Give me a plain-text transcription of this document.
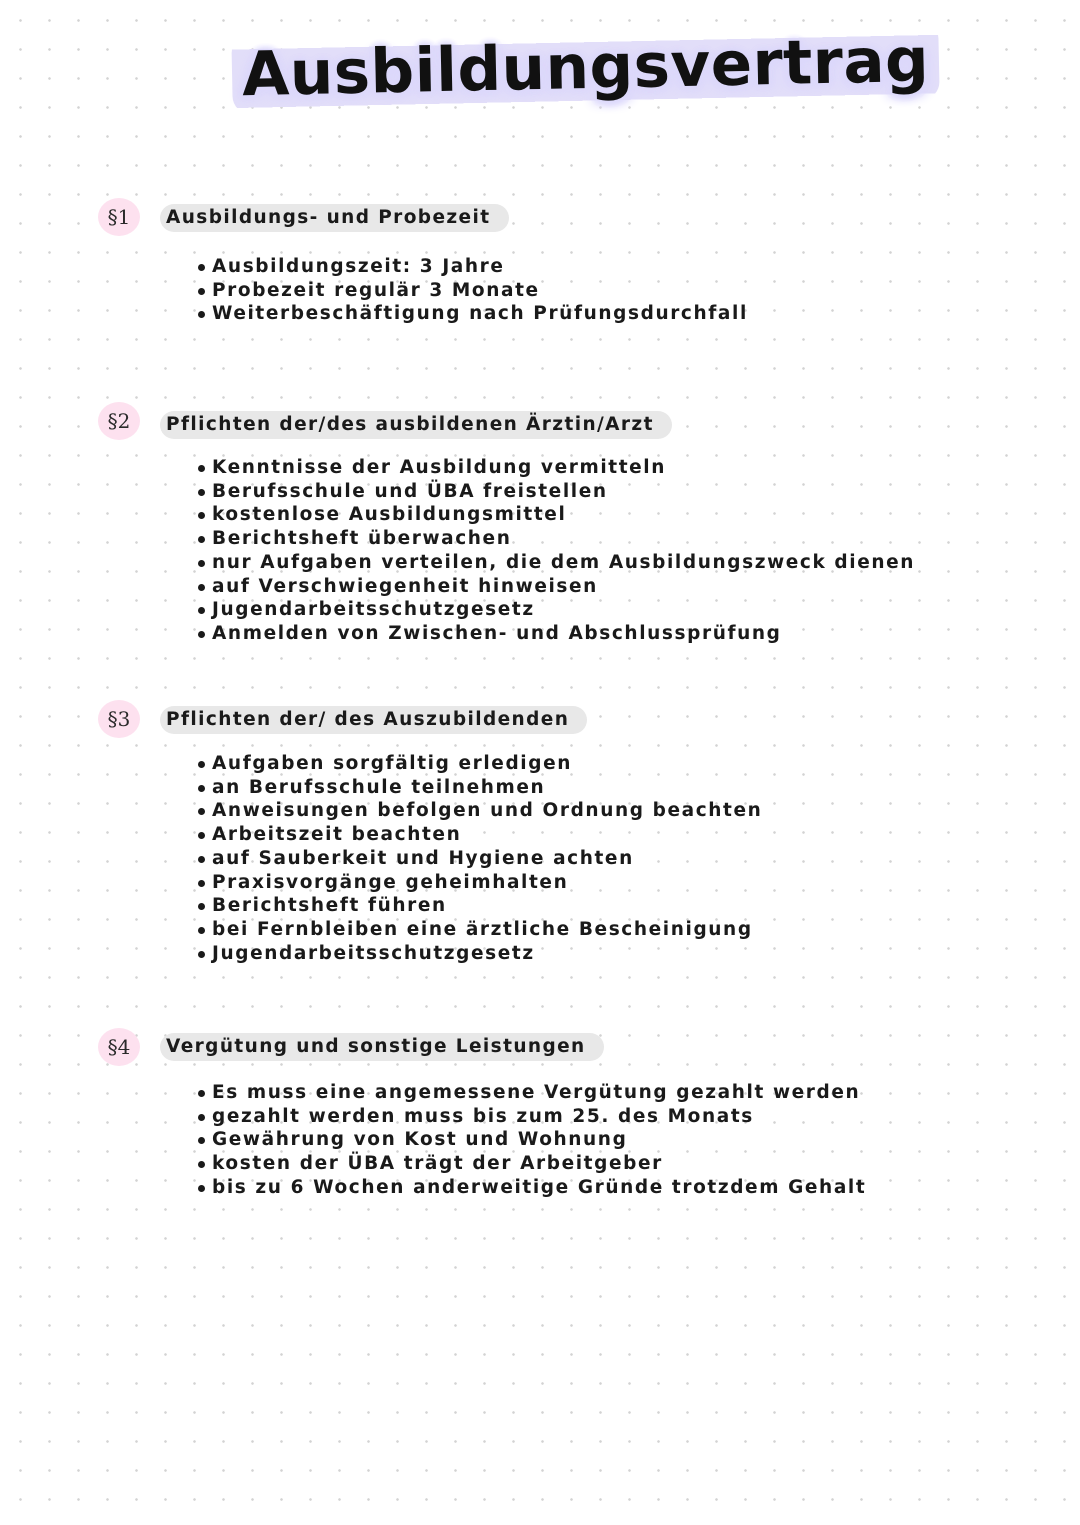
Ausbildungsvertrag
§1	Ausbildungs- und Probezeit
Ausbildungszeit: 3 Jahre
Probezeit regulär 3 Monate
Weiterbeschäftigung nach Prüfungsdurchfall
§2	Pflichten der/des ausbildenen Ärztin/Arzt
Kenntnisse der Ausbildung vermitteln
Berufsschule und ÜBA freistellen
kostenlose Ausbildungsmittel
Berichtsheft überwachen
nur Aufgaben verteilen, die dem Ausbildungszweck dienen
auf Verschwiegenheit hinweisen
Jugendarbeitsschutzgesetz
Anmelden von Zwischen- und Abschlussprüfung
§3	Pflichten der/ des Auszubildenden
Aufgaben sorgfältig erledigen
an Berufsschule teilnehmen
Anweisungen befolgen und Ordnung beachten
Arbeitszeit beachten
auf Sauberkeit und Hygiene achten
Praxisvorgänge geheimhalten
Berichtsheft führen
bei Fernbleiben eine ärztliche Bescheinigung
Jugendarbeitsschutzgesetz
§4	Vergütung und sonstige Leistungen
Es muss eine angemessene Vergütung gezahlt werden
gezahlt werden muss bis zum 25. des Monats
Gewährung von Kost und Wohnung
kosten der ÜBA trägt der Arbeitgeber
bis zu 6 Wochen anderweitige Gründe trotzdem Gehalt
